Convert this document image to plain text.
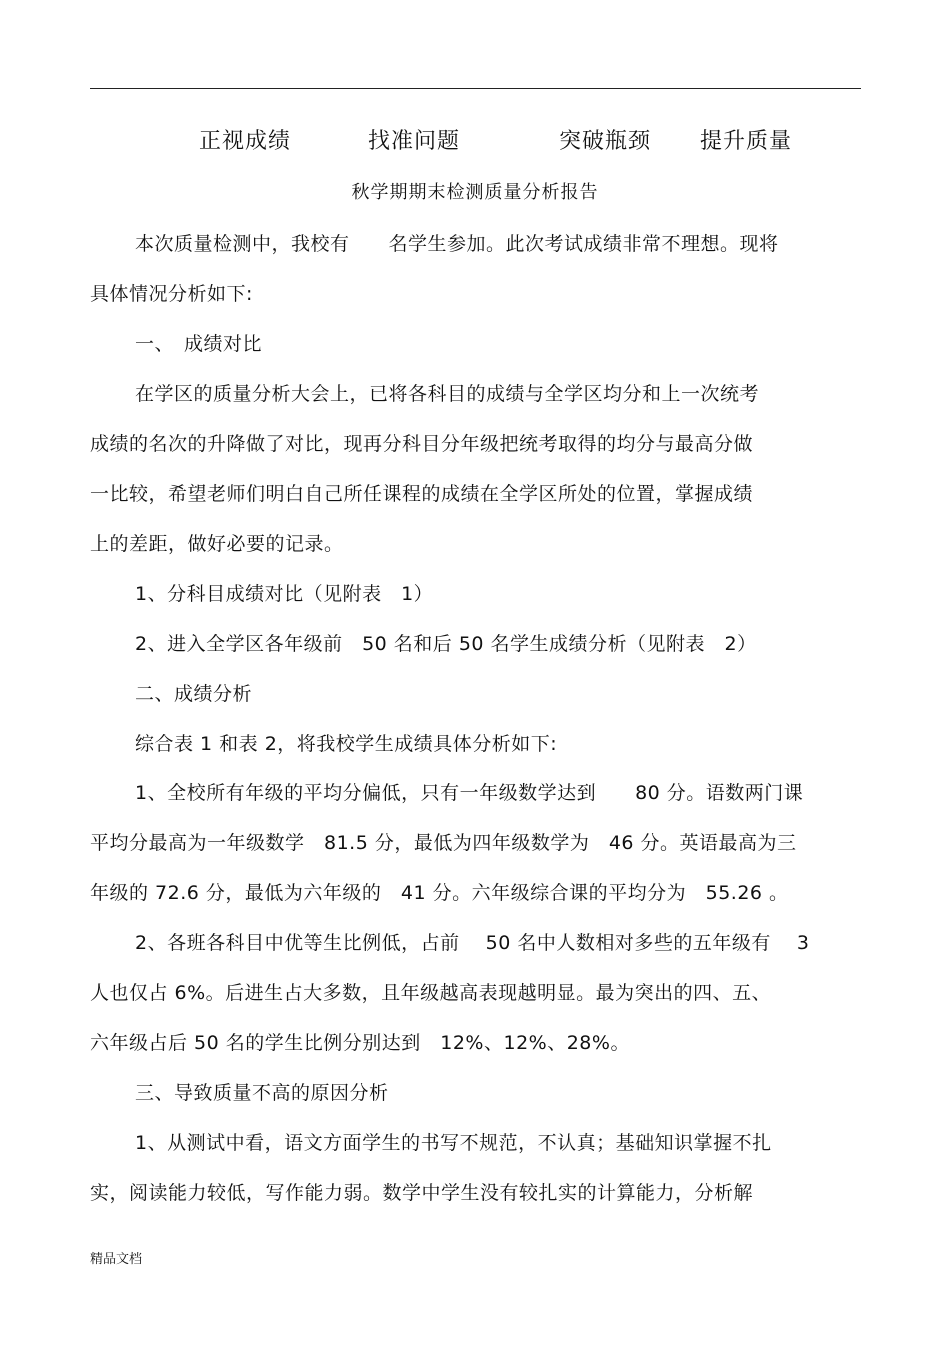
正视成绩	找准问题	突破瓶颈 提升质量
秋学期期末检测质量分析报告
本次质量检测中，我校有　　名学生参加。此次考试成绩非常不理想。现将
具体情况分析如下:
一、　成绩对比
在学区的质量分析大会上，已将各科目的成绩与全学区均分和上一次统考
成绩的名次的升降做了对比，现再分科目分年级把统考取得的均分与最高分做
一比较，希望老师们明白自己所任课程的成绩在全学区所处的位置，掌握成绩
上的差距，做好必要的记录。
1、分科目成绩对比（见附表　1）
2、进入全学区各年级前　50 名和后 50 名学生成绩分析（见附表　2）
二、成绩分析
综合表 1 和表 2，将我校学生成绩具体分析如下:
1、全校所有年级的平均分偏低，只有一年级数学达到　　80 分。语数两门课
平均分最高为一年级数学　81.5 分，最低为四年级数学为　46 分。英语最高为三
年级的 72.6 分，最低为六年级的　41 分。六年级综合课的平均分为　55.26 。
2、各班各科目中优等生比例低，占前　 50 名中人数相对多些的五年级有　 3
人也仅占 6%。后进生占大多数，且年级越高表现越明显。最为突出的四、五、
六年级占后 50 名的学生比例分别达到　12%、12%、28%。
三、导致质量不高的原因分析
1、从测试中看，语文方面学生的书写不规范，不认真；基础知识掌握不扎
实，阅读能力较低，写作能力弱。数学中学生没有较扎实的计算能力，分析解
精品文档
